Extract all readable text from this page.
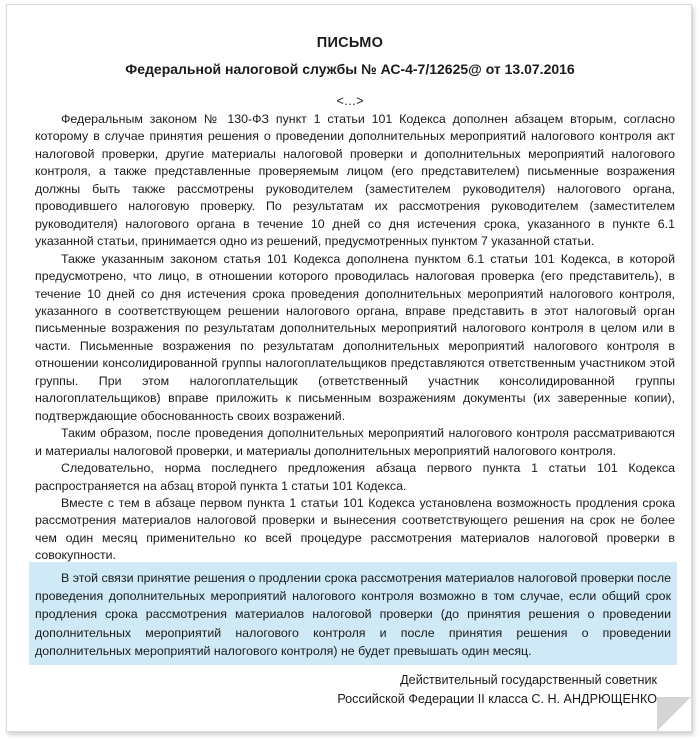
ПИСЬМО
Федеральной налоговой службы № АС-4-7/12625@ от 13.07.2016
<…>

Федеральным законом № 130-ФЗ пункт 1 статьи 101 Кодекса дополнен абзацем вторым, согласно которому в случае принятия решения о проведении дополнительных мероприятий налогового контроля акт налоговой проверки, другие материалы налоговой проверки и дополнительных мероприятий налогового контроля, а также представленные проверяемым лицом (его представителем) письменные возражения должны быть также рассмотрены руководителем (заместителем руководителя) налогового органа, проводившего налоговую проверку. По результатам их рассмотрения руководителем (заместителем руководителя) налогового органа в течение 10 дней со дня истечения срока, указанного в пункте 6.1 указанной статьи, принимается одно из решений, предусмотренных пунктом 7 указанной статьи.

Также указанным законом статья 101 Кодекса дополнена пунктом 6.1 статьи 101 Кодекса, в которой предусмотрено, что лицо, в отношении которого проводилась налоговая проверка (его представитель), в течение 10 дней со дня истечения срока проведения дополнительных мероприятий налогового контроля, указанного в соответствующем решении налогового органа, вправе представить в этот налоговый орган письменные возражения по результатам дополнительных мероприятий налогового контроля в целом или в части. Письменные возражения по результатам дополнительных мероприятий налогового контроля в отношении консолидированной группы налогоплательщиков представляются ответственным участником этой группы. При этом налогоплательщик (ответственный участник консолидированной группы налогоплательщиков) вправе приложить к письменным возражениям документы (их заверенные копии), подтверждающие обоснованность своих возражений.

Таким образом, после проведения дополнительных мероприятий налогового контроля рассматриваются и материалы налоговой проверки, и материалы дополнительных мероприятий налогового контроля.

Следовательно, норма последнего предложения абзаца первого пункта 1 статьи 101 Кодекса распространяется на абзац второй пункта 1 статьи 101 Кодекса.

Вместе с тем в абзаце первом пункта 1 статьи 101 Кодекса установлена возможность продления срока рассмотрения материалов налоговой проверки и вынесения соответствующего решения на срок не более чем один месяц применительно ко всей процедуре рассмотрения материалов налоговой проверки в совокупности.

В этой связи принятие решения о продлении срока рассмотрения материалов налоговой проверки после проведения дополнительных мероприятий налогового контроля возможно в том случае, если общий срок продления срока рассмотрения материалов налоговой проверки (до принятия решения о проведении дополнительных мероприятий налогового контроля и после принятия решения о проведении дополнительных мероприятий налогового контроля) не будет превышать один месяц.

Действительный государственный советник
Российской Федерации II класса С. Н. АНДРЮЩЕНКО
